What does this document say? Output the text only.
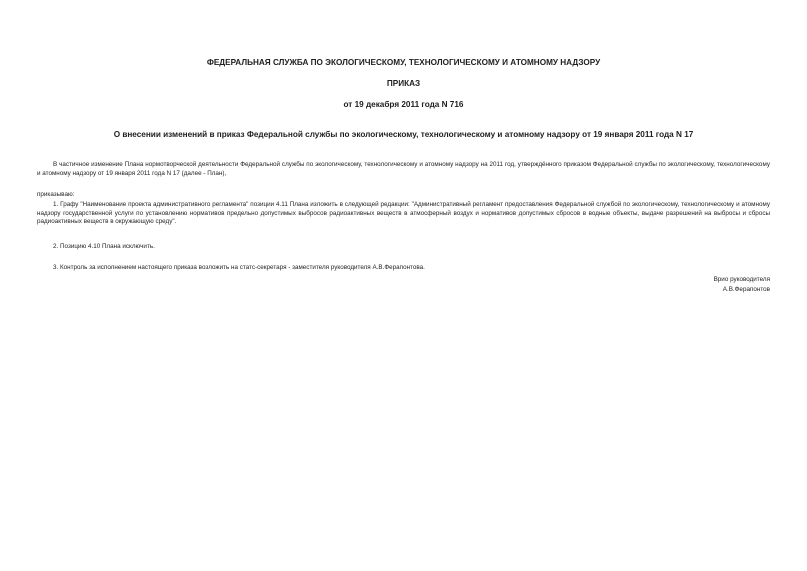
ФЕДЕРАЛЬНАЯ СЛУЖБА ПО ЭКОЛОГИЧЕСКОМУ, ТЕХНОЛОГИЧЕСКОМУ И АТОМНОМУ НАДЗОРУ

ПРИКАЗ

от 19 декабря 2011 года N 716

О внесении изменений в приказ Федеральной службы по экологическому, технологическому и атомному надзору от 19 января 2011 года N 17

В частичное изменение Плана нормотворческой деятельности Федеральной службы по экологическому, технологическому и атомному надзору на 2011 год, утверждённого приказом Федеральной службы по экологическому, технологическому и атомному надзору от 19 января 2011 года N 17 (далее - План),

приказываю:

1. Графу "Наименование проекта административного регламента" позиции 4.11 Плана изложить в следующей редакции: "Административный регламент предоставления Федеральной службой по экологическому, технологическому и атомному надзору государственной услуги по установлению нормативов предельно допустимых выбросов радиоактивных веществ в атмосферный воздух и нормативов допустимых сбросов в водные объекты, выдаче разрешений на выбросы и сбросы радиоактивных веществ в окружающую среду".

2. Позицию 4.10 Плана исключить.

3. Контроль за исполнением настоящего приказа возложить на статс-секретаря - заместителя руководителя А.В.Ферапонтова.

Врио руководителя

А.В.Ферапонтов
